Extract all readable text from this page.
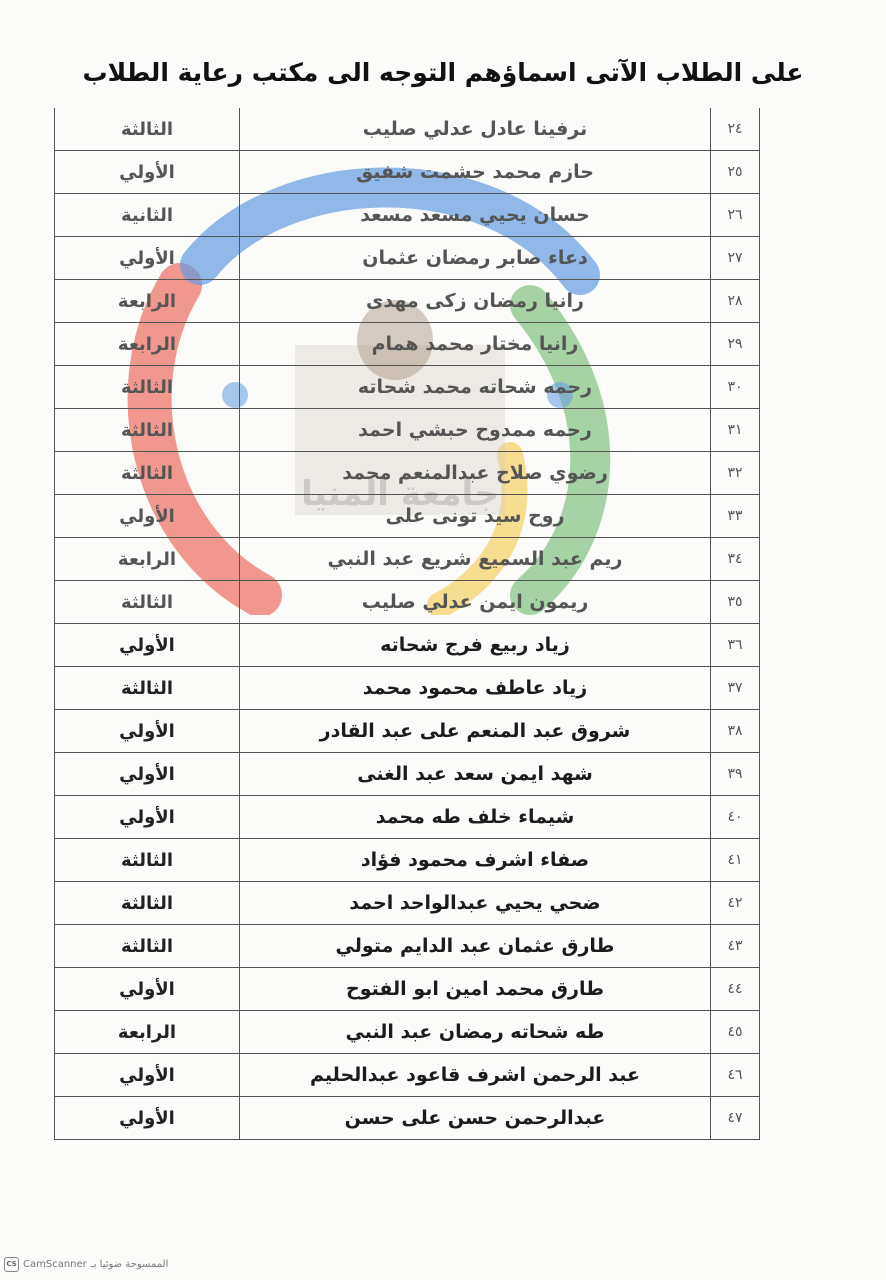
على الطلاب الآتى اسماؤهم التوجه الى مكتب رعاية الطلاب
جامعة المنيا
٢٤	نرفينا عادل عدلي صليب	الثالثة
٢٥	حازم محمد حشمت شفيق	الأولي
٢٦	حسان يحيي مسعد مسعد	الثانية
٢٧	دعاء صابر رمضان عثمان	الأولي
٢٨	رانيا رمضان زكى مهدى	الرابعة
٢٩	رانيا مختار محمد همام	الرابعة
٣٠	رحمه شحاته محمد شحاته	الثالثة
٣١	رحمه ممدوح حبشي احمد	الثالثة
٣٢	رضوي صلاح عبدالمنعم محمد	الثالثة
٣٣	روح سيد تونى على	الأولي
٣٤	ريم عبد السميع شريع عبد النبي	الرابعة
٣٥	ريمون ايمن عدلي صليب	الثالثة
٣٦	زياد ربيع فرج شحاته	الأولي
٣٧	زياد عاطف محمود محمد	الثالثة
٣٨	شروق عبد المنعم على عبد القادر	الأولي
٣٩	شهد ايمن سعد عبد الغنى	الأولي
٤٠	شيماء خلف طه محمد	الأولي
٤١	صفاء اشرف محمود فؤاد	الثالثة
٤٢	ضحي يحيي عبدالواحد احمد	الثالثة
٤٣	طارق عثمان عبد الدايم متولي	الثالثة
٤٤	طارق محمد امين ابو الفتوح	الأولي
٤٥	طه شحاته رمضان عبد النبي	الرابعة
٤٦	عبد الرحمن اشرف قاعود عبدالحليم	الأولي
٤٧	عبدالرحمن حسن على حسن	الأولي
CS CamScanner الممسوحة ضوئيا بـ
